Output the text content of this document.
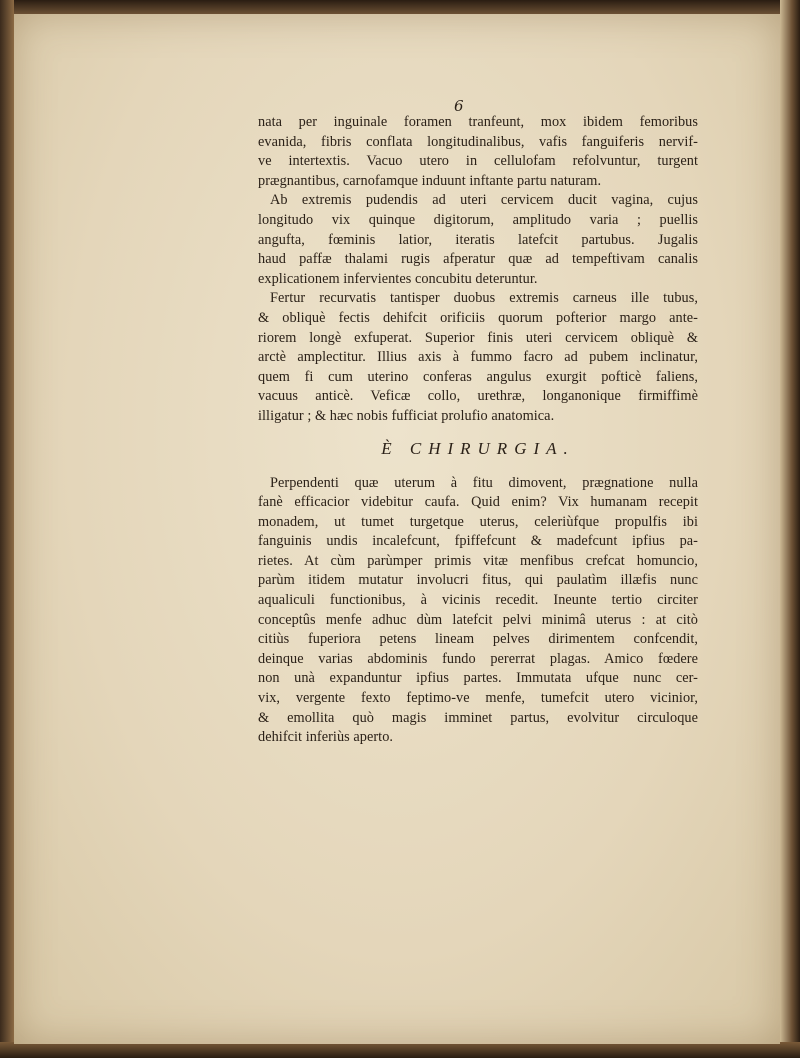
6
nata per inguinale foramen tranfeunt, mox ibidem femoribus
evanida, fibris conflata longitudinalibus, vafis fanguiferis nervif-
ve intertextis. Vacuo utero in cellulofam refolvuntur, turgent
prægnantibus, carnofamque induunt inftante partu naturam.
Ab extremis pudendis ad uteri cervicem ducit vagina, cujus
longitudo vix quinque digitorum, amplitudo varia ; puellis
angufta, fœminis latior, iteratis latefcit partubus. Jugalis
haud paffæ thalami rugis afperatur quæ ad tempeftivam canalis
explicationem infervientes concubitu deteruntur.
Fertur recurvatis tantisper duobus extremis carneus ille tubus,
& obliquè fectis dehifcit orificiis quorum pofterior margo ante-
riorem longè exfuperat. Superior finis uteri cervicem obliquè &
arctè amplectitur. Illius axis à fummo facro ad pubem inclinatur,
quem fi cum uterino conferas angulus exurgit pofticè faliens,
vacuus anticè. Veficæ collo, urethræ, longanonique firmiffimè
illigatur ; & hæc nobis fufficiat prolufio anatomica.
È CHIRURGIA.
Perpendenti quæ uterum à fitu dimovent, prægnatione nulla
fanè efficacior videbitur caufa. Quid enim? Vix humanam recepit
monadem, ut tumet turgetque uterus, celeriùfque propulfis ibi
fanguinis undis incalefcunt, fpiffefcunt & madefcunt ipfius pa-
rietes. At cùm parùmper primis vitæ menfibus crefcat homuncio,
parùm itidem mutatur involucri fitus, qui paulatìm illæfis nunc
aqualiculi functionibus, à vicinis recedit. Ineunte tertio circiter
conceptûs menfe adhuc dùm latefcit pelvi minimâ uterus : at citò
citiùs fuperiora petens lineam pelves dirimentem confcendit,
deinque varias abdominis fundo pererrat plagas. Amico fœdere
non unà expanduntur ipfius partes. Immutata ufque nunc cer-
vix, vergente fexto feptimo-ve menfe, tumefcit utero vicinior,
& emollita quò magis imminet partus, evolvitur circuloque
dehifcit inferiùs aperto.
